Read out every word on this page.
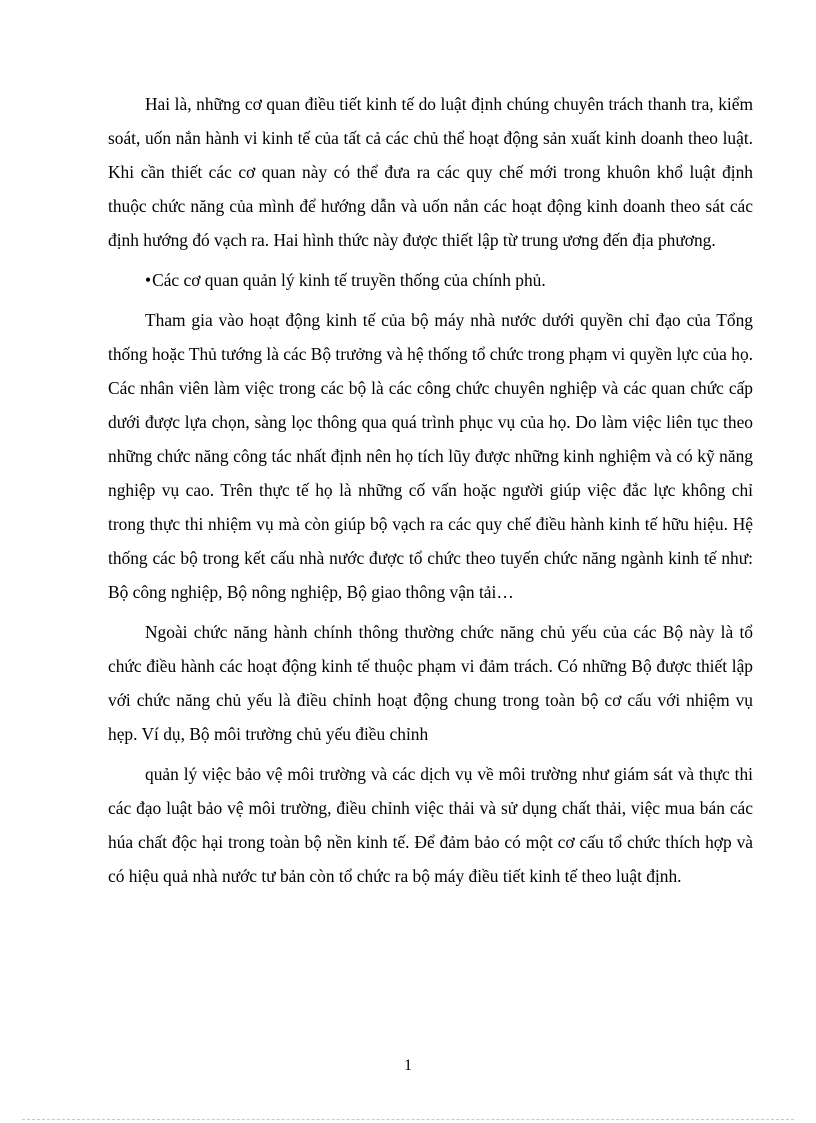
Hai là, những cơ quan điều tiết kinh tế do luật định chúng chuyên trách thanh tra, kiểm soát, uốn nắn hành vi kinh tế của tất cả các chủ thể hoạt động sản xuất kinh doanh theo luật. Khi cần thiết các cơ quan này có thể đưa ra các quy chế mới trong khuôn khổ luật định thuộc chức năng của mình để hướng dẫn và uốn nắn các hoạt động kinh doanh theo sát các định hướng đó vạch ra. Hai hình thức này được thiết lập từ trung ương đến địa phương.

•Các cơ quan quản lý kinh tế truyền thống của chính phủ.

Tham gia vào hoạt động kinh tế của bộ máy nhà nước dưới quyền chỉ đạo của Tổng thống hoặc Thủ tướng là các Bộ trưởng và hệ thống tổ chức trong phạm vi quyền lực của họ. Các nhân viên làm việc trong các bộ là các công chức chuyên nghiệp và các quan chức cấp dưới được lựa chọn, sàng lọc thông qua quá trình phục vụ của họ. Do làm việc liên tục theo những chức năng công tác nhất định nên họ tích lũy được những kinh nghiệm và có kỹ năng nghiệp vụ cao. Trên thực tế họ là những cố vấn hoặc người giúp việc đắc lực không chỉ trong thực thi nhiệm vụ mà còn giúp bộ vạch ra các quy chế điều hành kinh tế hữu hiệu. Hệ thống các bộ trong kết cấu nhà nước được tổ chức theo tuyến chức năng ngành kinh tế như: Bộ công nghiệp, Bộ nông nghiệp, Bộ giao thông vận tải…

Ngoài chức năng hành chính thông thường chức năng chủ yếu của các Bộ này là tổ chức điều hành các hoạt động kinh tế thuộc phạm vi đảm trách. Có những Bộ được thiết lập với chức năng chủ yếu là điều chỉnh hoạt động chung trong toàn bộ cơ cấu với nhiệm vụ hẹp. Ví dụ, Bộ môi trường chủ yếu điều chỉnh

quản lý việc bảo vệ môi trường và các dịch vụ về môi trường như giám sát và thực thi các đạo luật bảo vệ môi trường, điều chỉnh việc thải và sử dụng chất thải, việc mua bán các húa chất độc hại trong toàn bộ nền kinh tế. Để đảm bảo có một cơ cấu tổ chức thích hợp và có hiệu quả nhà nước tư bản còn tổ chức ra bộ máy điều tiết kinh tế theo luật định.

1
